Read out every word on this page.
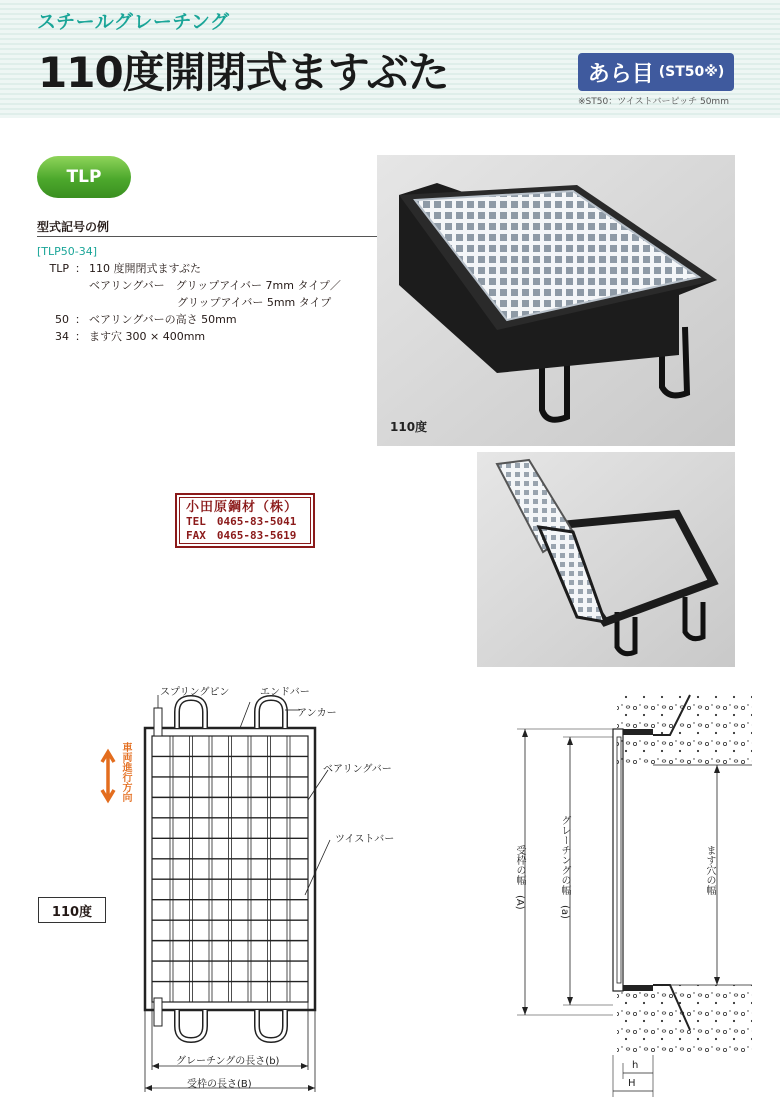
スチールグレーチング
110度開閉式ますぶた	あら目 (ST50※)
※ST50：ツイストバーピッチ 50mm
TLP
型式記号の例
[TLP50-34]
TLP ： 110 度開閉式ますぶた
ベアリングバー　グリップアイバー 7mm タイプ／
　　　　　　　　グリップアイバー 5mm タイプ
50 ： ベアリングバーの高さ 50mm
34 ： ます穴 300 × 400mm
110度
小田原鋼材（株）
TEL　0465-83-5041
FAX　0465-83-5619
スプリングピン	エンドバー
アンカー
ベアリングバー
ツイストバー
車両進行方向
110度
グレーチングの長さ(b)
受枠の長さ(B)
受枠の幅　(A)	グレーチングの幅　(a)	ます穴の幅
h
H
